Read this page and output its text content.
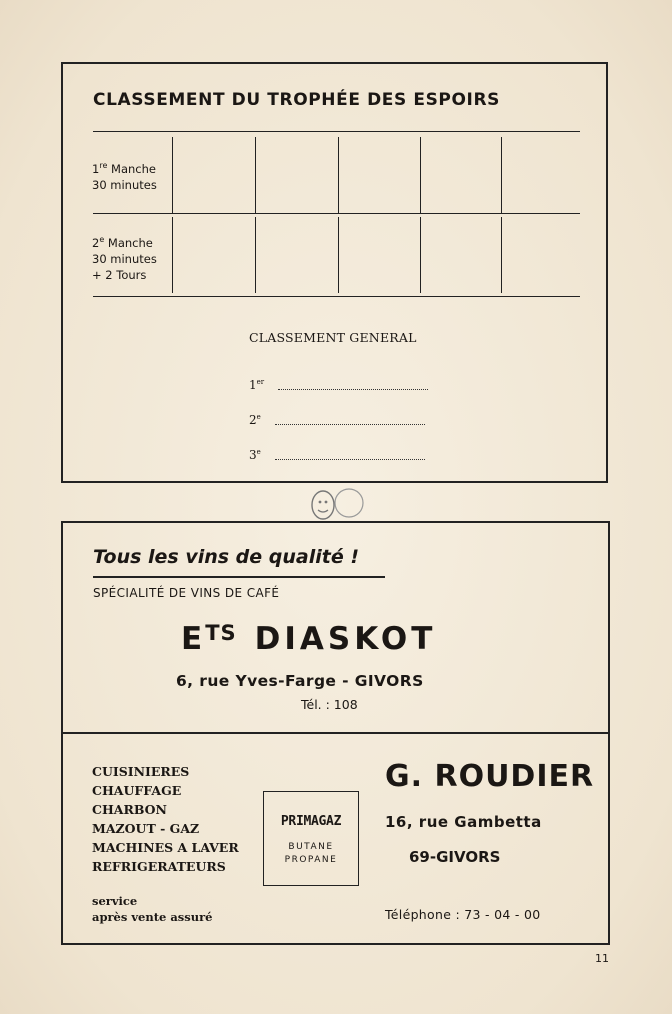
CLASSEMENT DU TROPHÉE DES ESPOIRS
1re Manche
30 minutes
2e Manche
30 minutes
+ 2 Tours
CLASSEMENT GENERAL
1er
2e
3e
Tous les vins de qualité !
SPÉCIALITÉ DE VINS DE CAFÉ
$E^{TS}$ DIASKOT
6, rue Yves-Farge - GIVORS
Tél. : 108
CUISINIERES
CHAUFFAGE
CHARBON
MAZOUT - GAZ
MACHINES A LAVER
REFRIGERATEURS
service
après vente assuré
PRIMAGAZ
BUTANE
PROPANE
G. ROUDIER
16, rue Gambetta
69-GIVORS
Téléphone : 73 - 04 - 00
11
